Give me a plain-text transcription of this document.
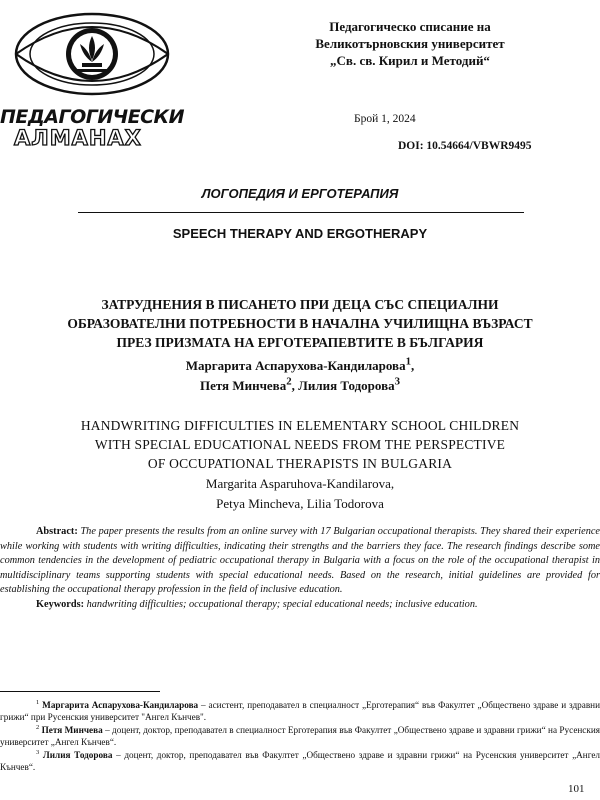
Педагогическо списание на
Великотърновския университет
„Св. св. Кирил и Методий“
ПЕДАГОГИЧЕСКИ
АЛМАНАХ
Брой 1, 2024
DOI: 10.54664/VBWR9495
ЛОГОПЕДИЯ И ЕРГОТЕРАПИЯ
SPEECH THERAPY AND ERGOTHERAPY
ЗАТРУДНЕНИЯ В ПИСАНЕТО ПРИ ДЕЦА СЪС СПЕЦИАЛНИ
ОБРАЗОВАТЕЛНИ ПОТРЕБНОСТИ В НАЧАЛНА УЧИЛИЩНА ВЪЗРАСТ
ПРЕЗ ПРИЗМАТА НА ЕРГОТЕРАПЕВТИТЕ В БЪЛГАРИЯ
Маргарита Аспарухова-Кандиларова$^1$,
Петя Минчева$^2$, Лилия Тодорова$^3$
HANDWRITING DIFFICULTIES IN ELEMENTARY SCHOOL CHILDREN
WITH SPECIAL EDUCATIONAL NEEDS FROM THE PERSPECTIVE
OF OCCUPATIONAL THERAPISTS IN BULGARIA
Margarita Asparuhova-Kandilarova,
Petya Mincheva, Lilia Todorova

Abstract: The paper presents the results from an online survey with 17 Bulgarian occupational therapists. They shared their experience while working with students with writing difficulties, indicating their strengths and the barriers they face. The research findings describe some common tendencies in the development of pediatric occupational therapy in Bulgaria with a focus on the role of the occupational therapist in multidisciplinary teams supporting students with special educational needs. Based on the research, initial guidelines are provided for establishing the occupational therapy profession in the field of inclusive education.

Keywords: handwriting difficulties; occupational therapy; special educational needs; inclusive education.

$^1$ Маргарита Аспарухова-Кандиларова – асистент, преподавател в специалност „Ерготерапия“ във Факултет „Обществено здраве и здравни грижи“ при Русенския университет "Ангел Кънчев".

$^2$ Петя Минчева – доцент, доктор, преподавател в специалност Ерготерапия във Факултет „Обществено здраве и здравни грижи“ на Русенския университет „Ангел Кънчев“.

$^3$ Лилия Тодорова – доцент, доктор, преподавател във Факултет „Обществено здраве и здравни грижи“ на Русенския университет „Ангел Кънчев“.

101
